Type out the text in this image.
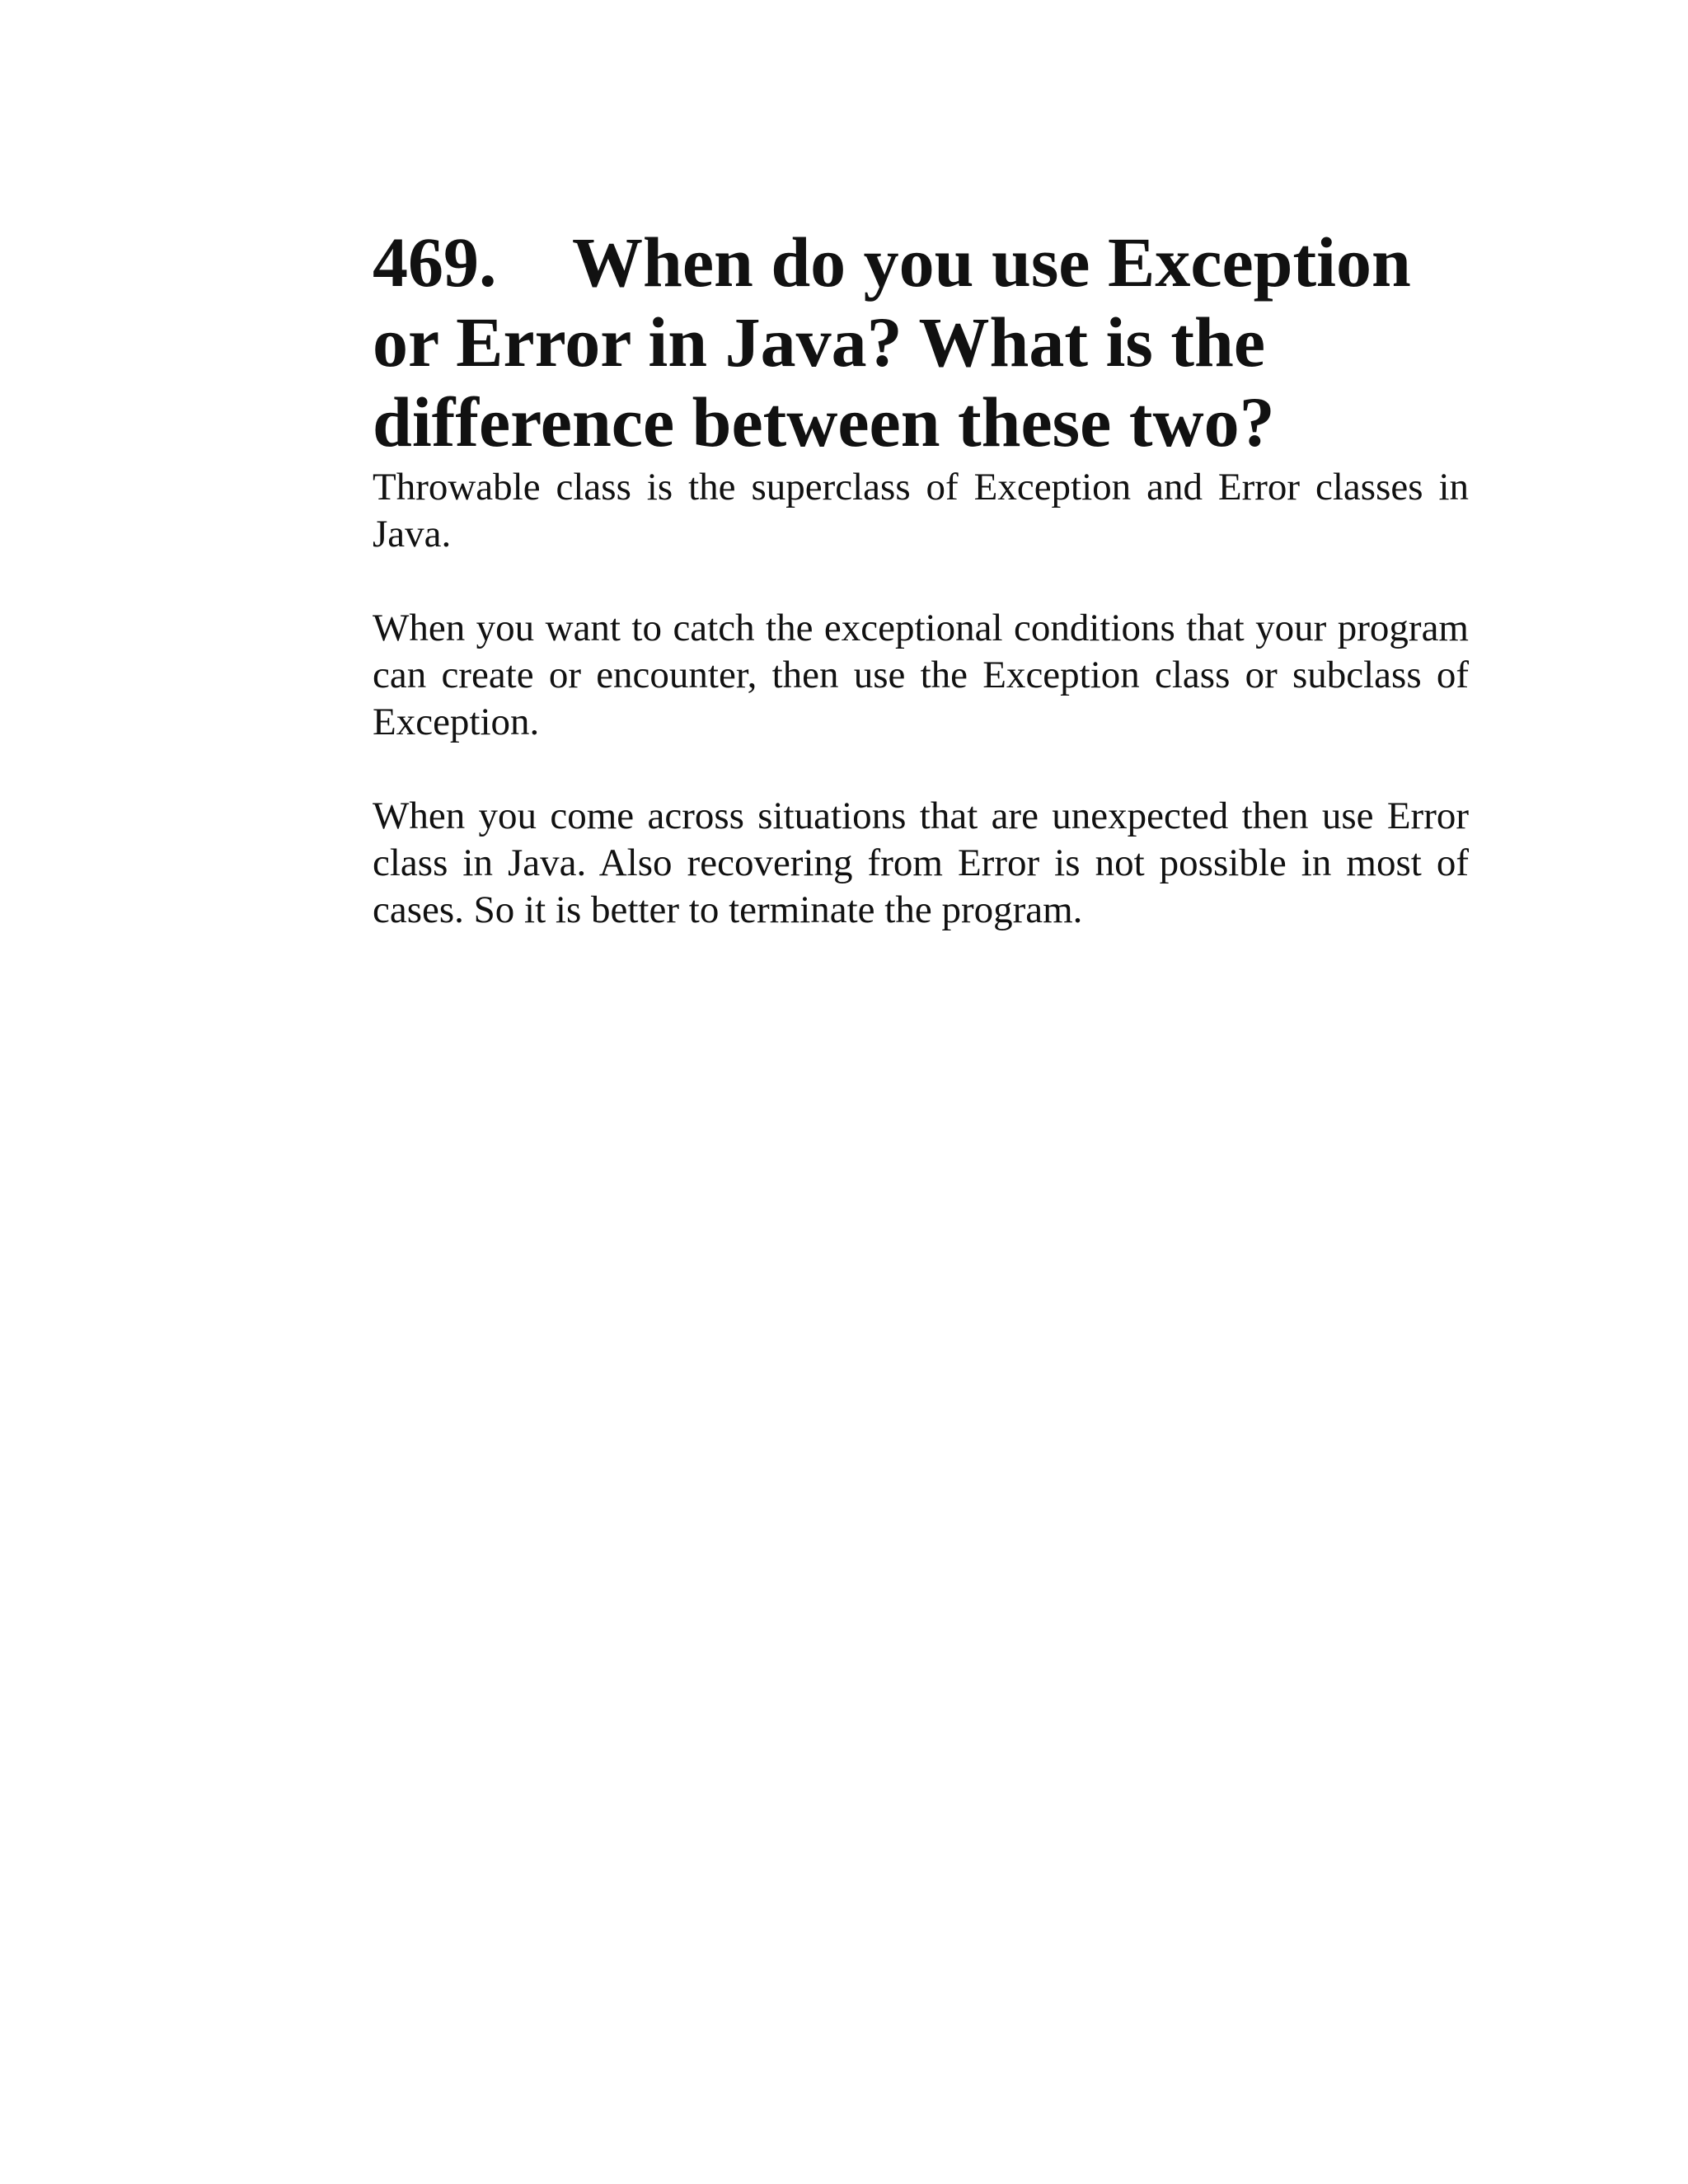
469. When do you use Exception or Error in Java? What is the difference between these two?

Throwable class is the superclass of Exception and Error classes in Java.

When you want to catch the exceptional conditions that your program can create or encounter, then use the Exception class or subclass of Exception.

When you come across situations that are unexpected then use Error class in Java. Also recovering from Error is not possible in most of cases. So it is better to terminate the program.
